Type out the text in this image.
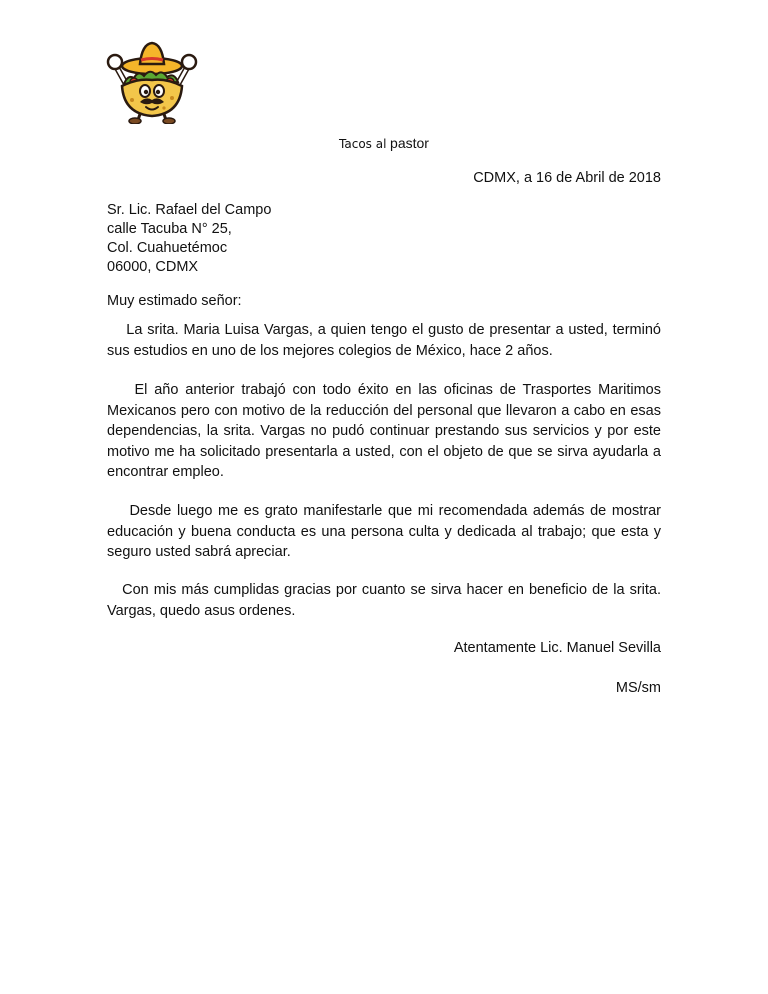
Tacos al pastor
CDMX, a 16 de Abril de 2018
Sr. Lic. Rafael del Campo
calle Tacuba N° 25,
Col. Cuahuetémoc
06000, CDMX
Muy estimado señor:

La srita. Maria Luisa Vargas, a quien tengo el gusto de presentar a usted, terminó sus estudios en uno de los mejores colegios de México, hace 2 años.

El año anterior trabajó con todo éxito en las oficinas de Trasportes Maritimos Mexicanos pero con motivo de la reducción del personal que llevaron a cabo en esas dependencias, la srita. Vargas no pudó continuar prestando sus servicios y por este motivo me ha solicitado presentarla a usted, con el objeto de que se sirva ayudarla a encontrar empleo.

Desde luego me es grato manifestarle que mi recomendada además de mostrar educación y buena conducta es una persona culta y dedicada al trabajo; que esta y seguro usted sabrá apreciar.

Con mis más cumplidas gracias por cuanto se sirva hacer en beneficio de la srita. Vargas, quedo asus ordenes.

Atentamente Lic. Manuel Sevilla
MS/sm
